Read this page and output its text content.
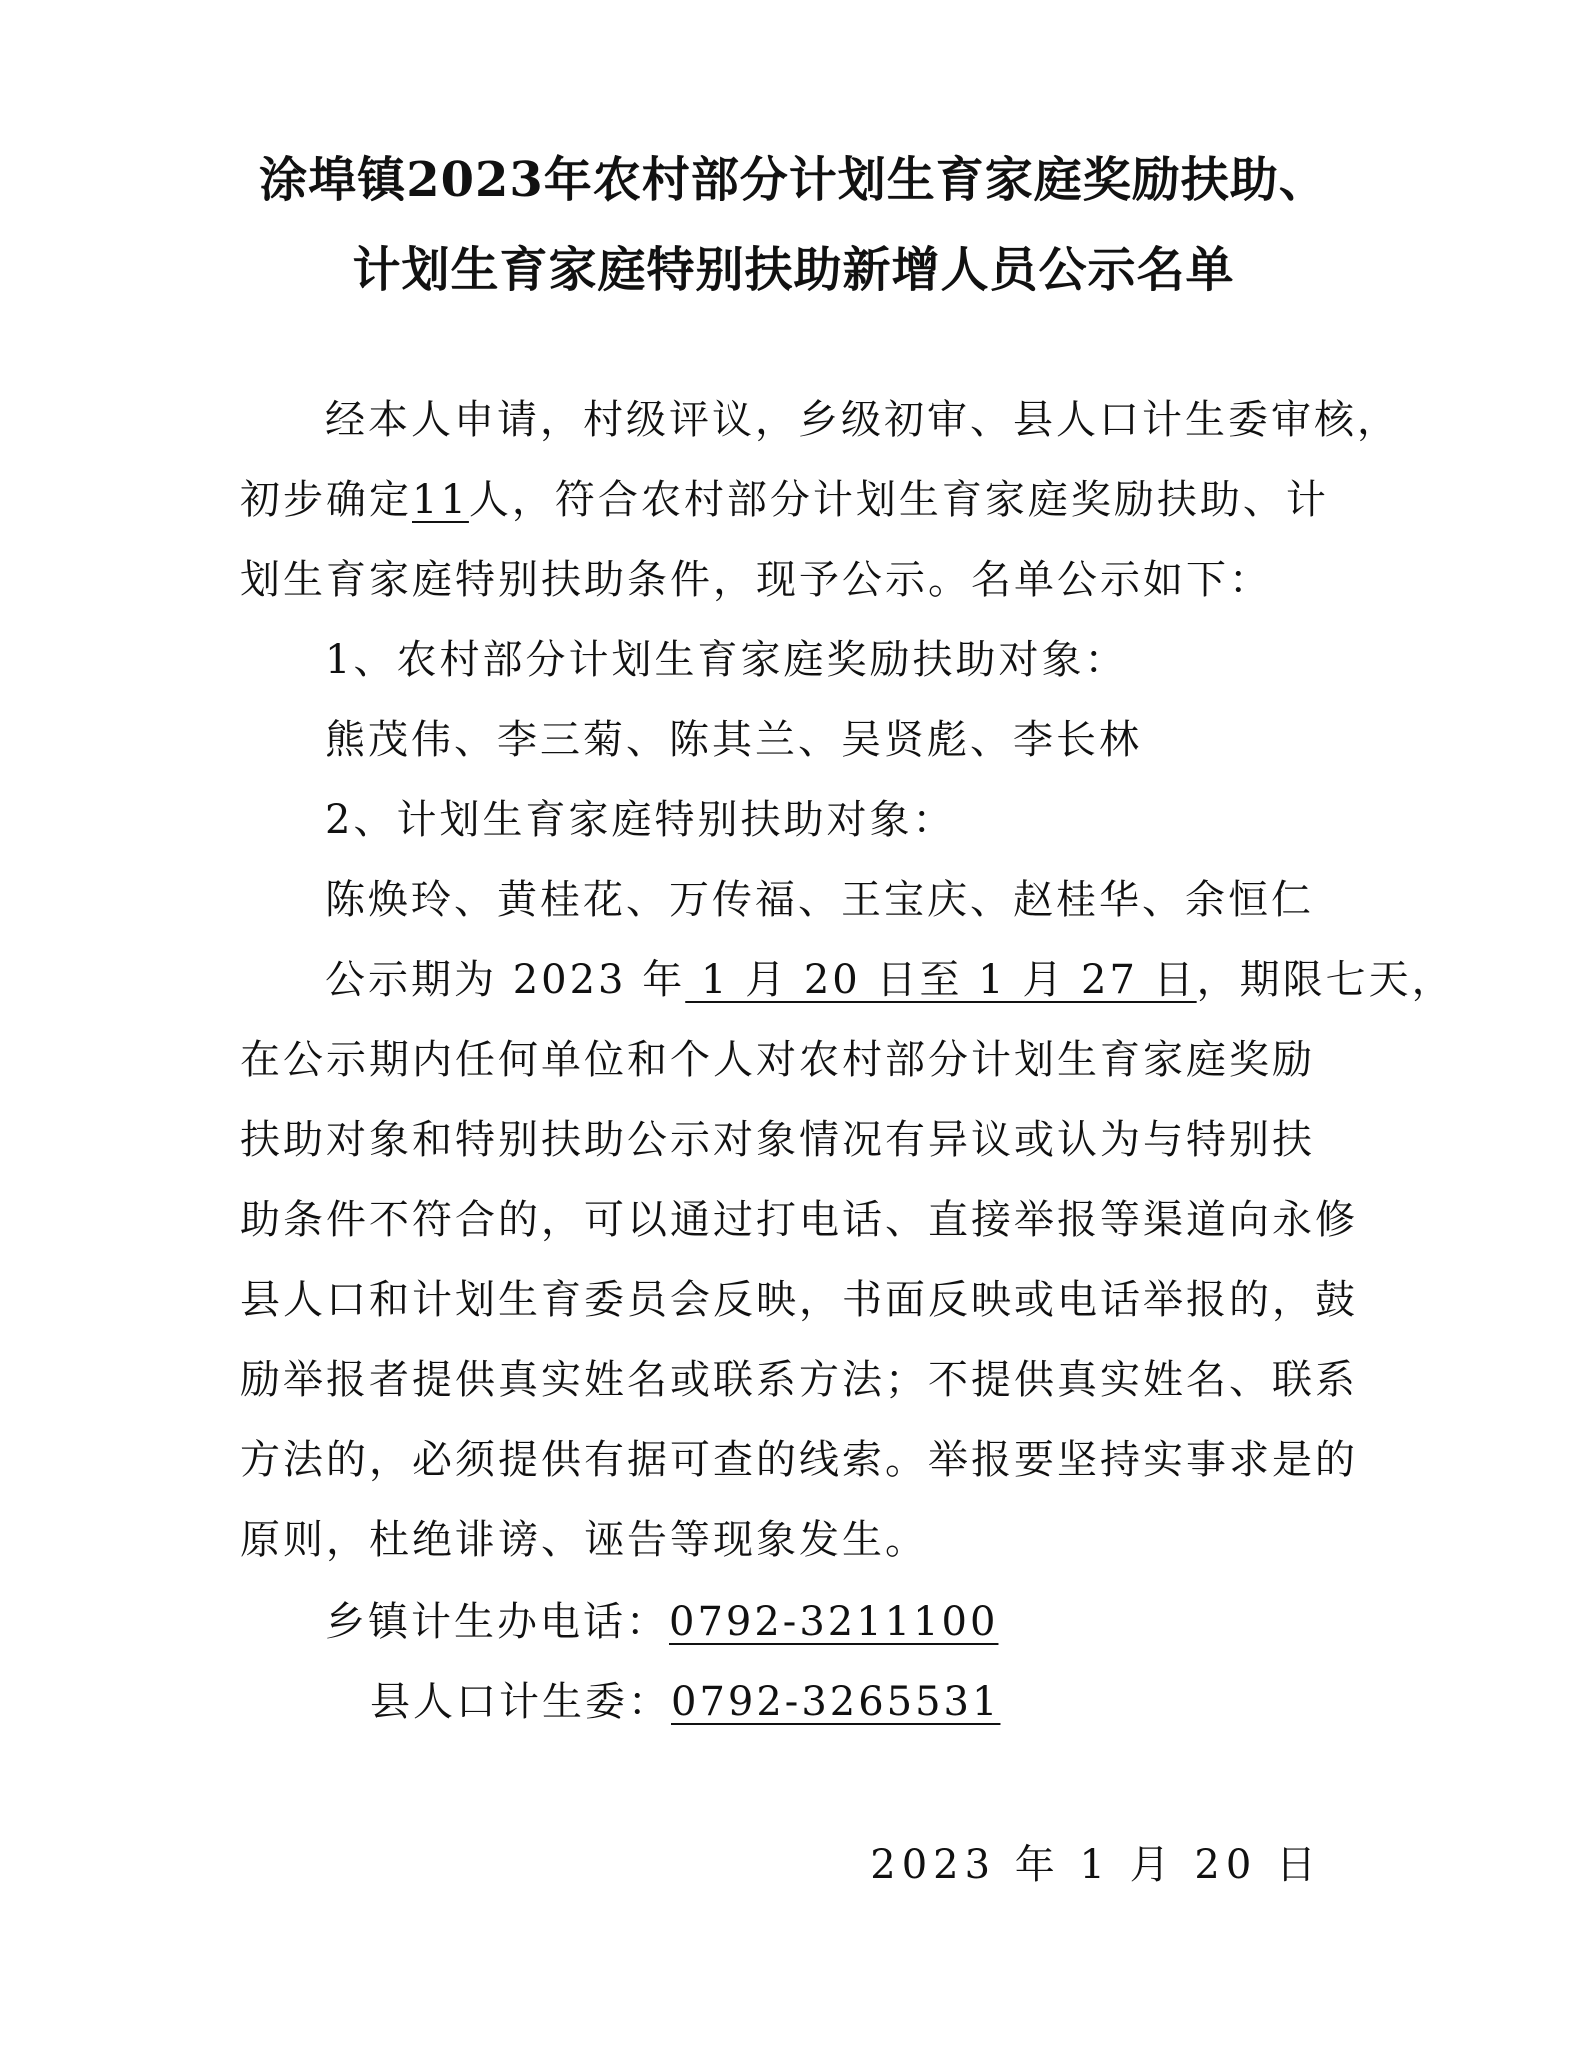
涂埠镇2023年农村部分计划生育家庭奖励扶助、
计划生育家庭特别扶助新增人员公示名单

经本人申请，村级评议，乡级初审、县人口计生委审核，

初步确定11人，符合农村部分计划生育家庭奖励扶助、计

划生育家庭特别扶助条件，现予公示。名单公示如下：

1、农村部分计划生育家庭奖励扶助对象：

熊茂伟、李三菊、陈其兰、吴贤彪、李长林

2、计划生育家庭特别扶助对象：

陈焕玲、黄桂花、万传福、王宝庆、赵桂华、余恒仁

公示期为 2023 年 1 月 20 日至 1 月 27 日，期限七天，

在公示期内任何单位和个人对农村部分计划生育家庭奖励

扶助对象和特别扶助公示对象情况有异议或认为与特别扶

助条件不符合的，可以通过打电话、直接举报等渠道向永修

县人口和计划生育委员会反映，书面反映或电话举报的，鼓

励举报者提供真实姓名或联系方法；不提供真实姓名、联系

方法的，必须提供有据可查的线索。举报要坚持实事求是的

原则，杜绝诽谤、诬告等现象发生。

乡镇计生办电话：0792-3211100

县人口计生委：0792-3265531

2023 年 1 月 20 日
